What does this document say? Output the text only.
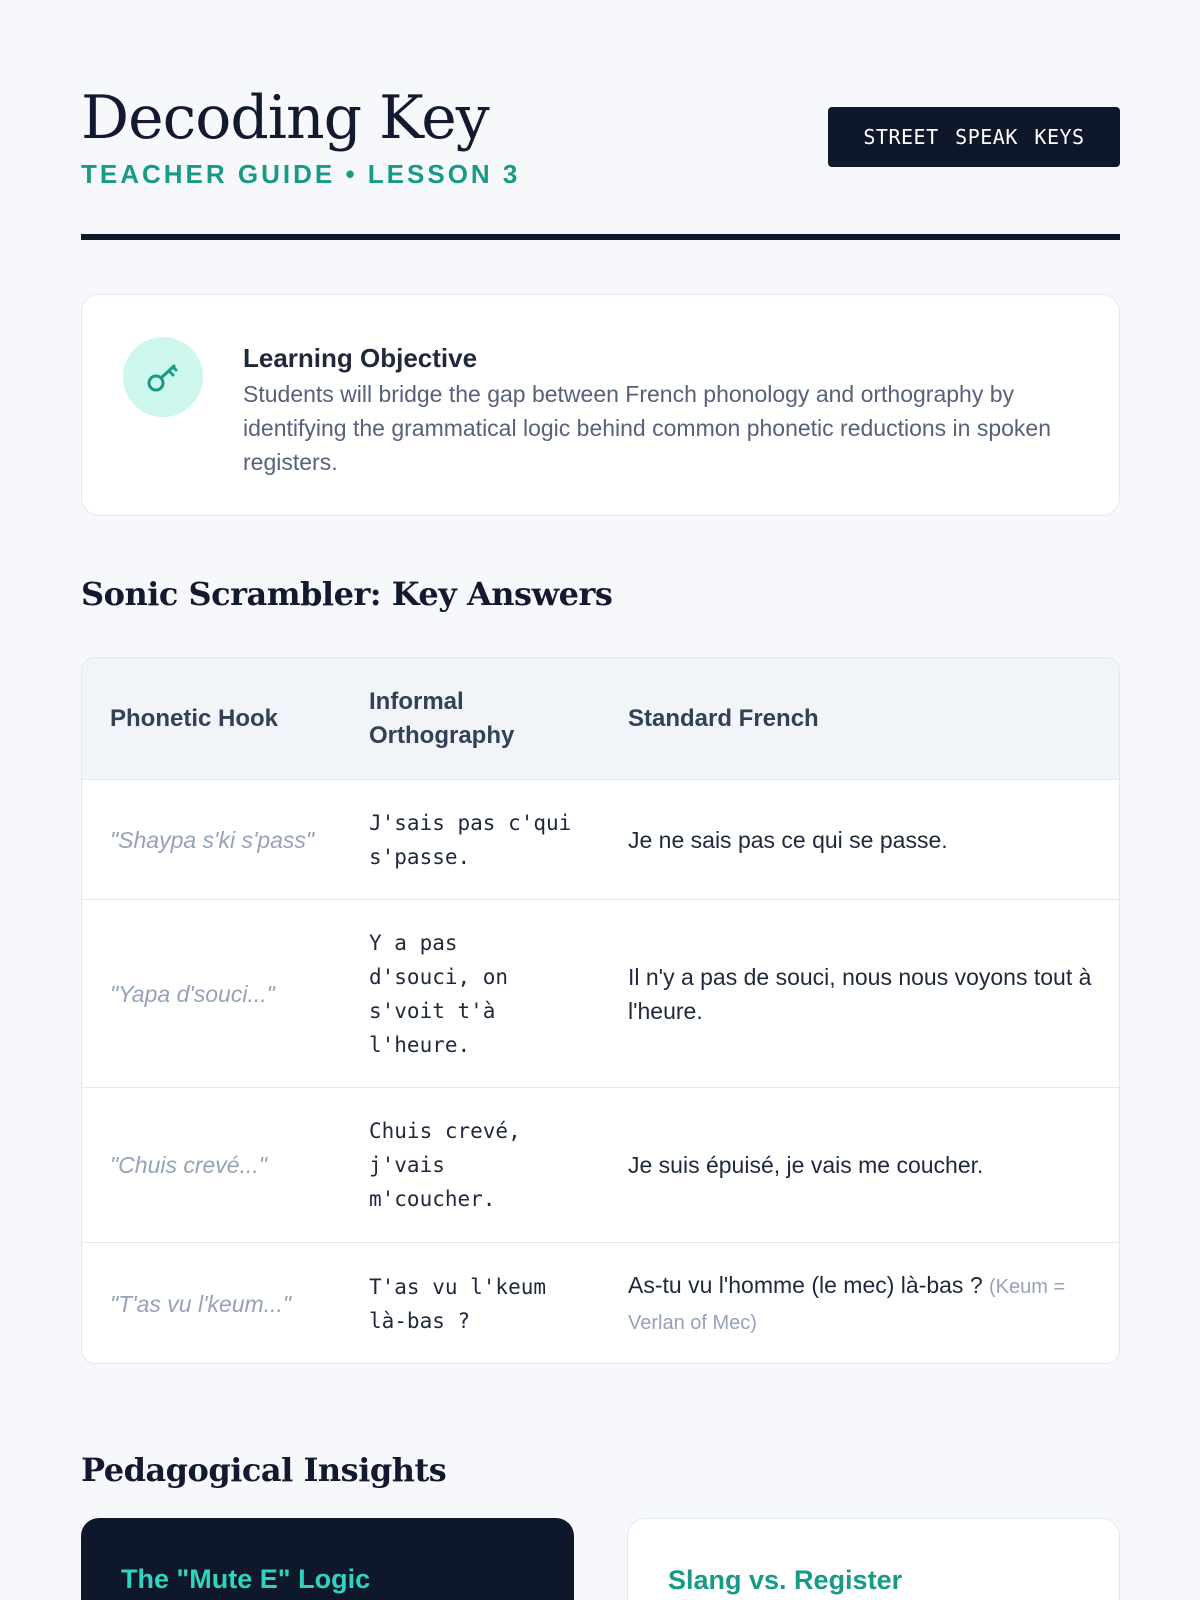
Decoding Key
TEACHER GUIDE • LESSON 3
STREET SPEAK KEYS
Learning Objective
Students will bridge the gap between French phonology and orthography by identifying the grammatical logic behind common phonetic reductions in spoken registers.
Sonic Scrambler: Key Answers
Phonetic Hook
Informal Orthography
Standard French
"Shaypa s'ki s'pass"
J'sais pas c'qui s'passe.
Je ne sais pas ce qui se passe.
"Yapa d'souci..."
Y a pas d'souci, on s'voit t'à l'heure.
Il n'y a pas de souci, nous nous voyons tout à l'heure.
"Chuis crevé..."
Chuis crevé, j'vais m'coucher.
Je suis épuisé, je vais me coucher.
"T'as vu l'keum..."
T'as vu l'keum là-bas ?
As-tu vu l'homme (le mec) là-bas ? (Keum = Verlan of Mec)
Pedagogical Insights
The "Mute E" Logic	Slang vs. Register
